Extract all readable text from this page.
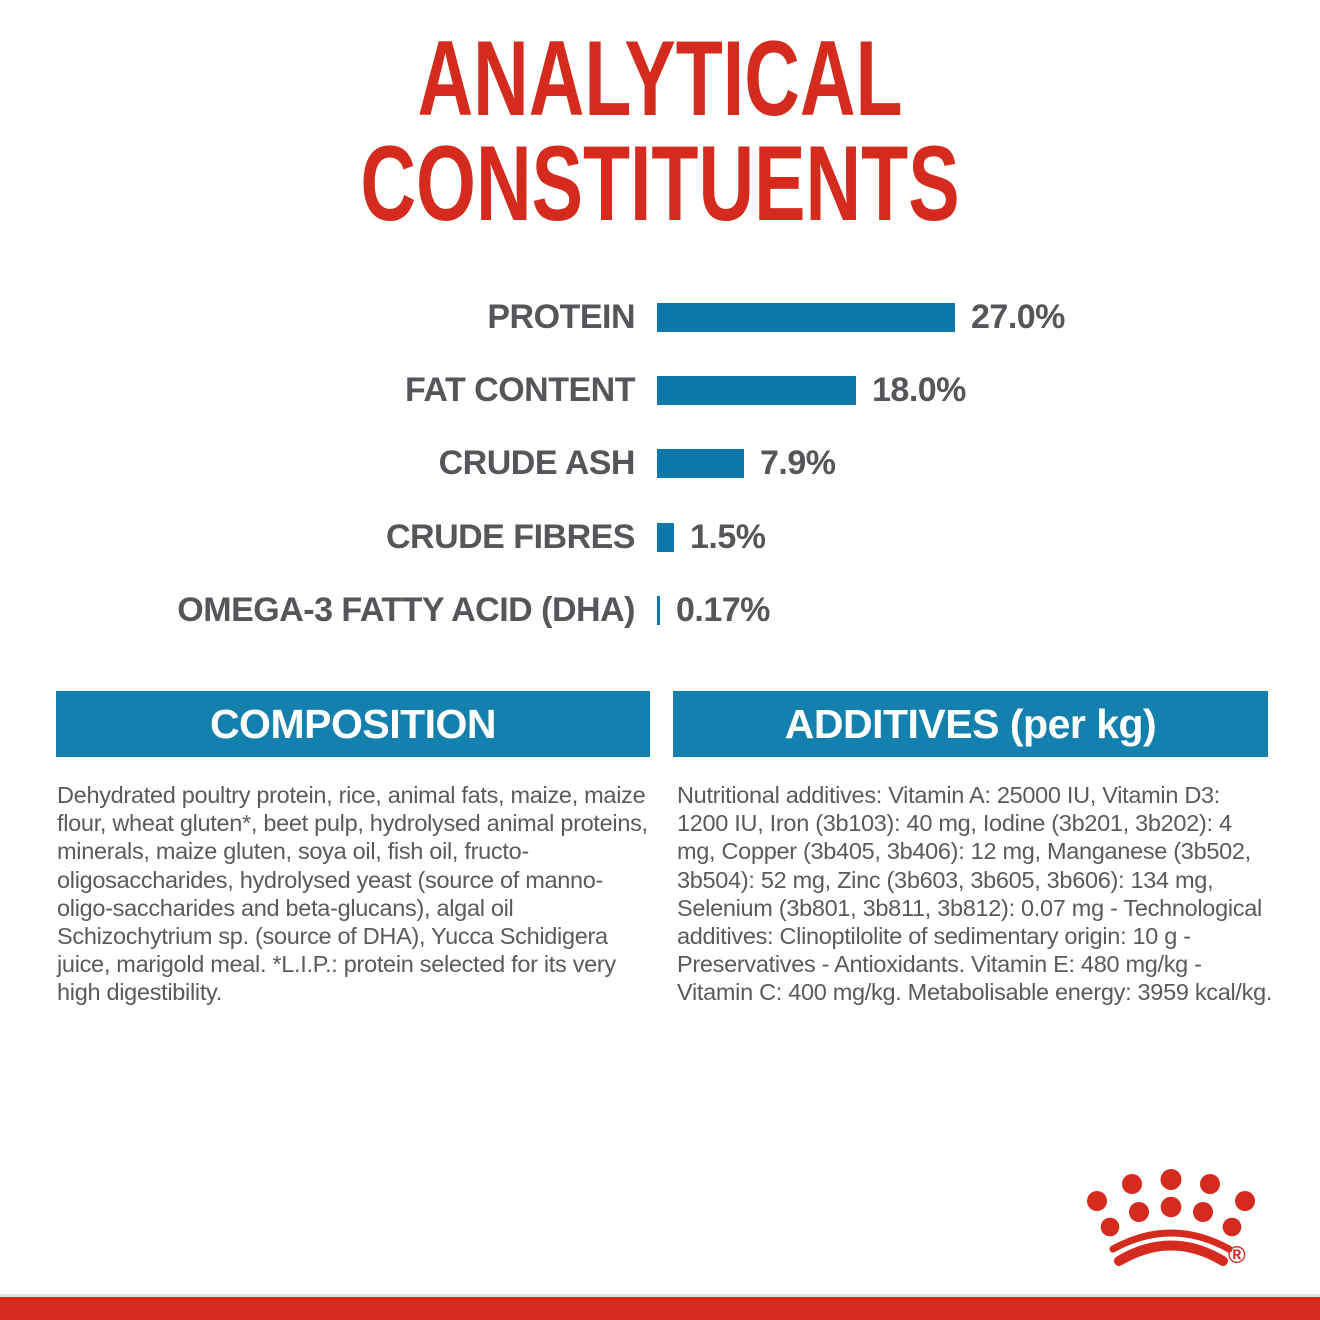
ANALYTICAL
CONSTITUENTS
PROTEIN	27.0%
FAT CONTENT	18.0%
CRUDE ASH	7.9%
CRUDE FIBRES 1.5%
OMEGA-3 FATTY ACID (DHA) 0.17%
COMPOSITION	ADDITIVES (per kg)
Dehydrated poultry protein, rice, animal fats, maize, maize flour, wheat gluten*, beet pulp, hydrolysed animal proteins, minerals, maize gluten, soya oil, fish oil, fructo-oligosaccharides, hydrolysed yeast (source of manno-oligo-saccharides and beta-glucans), algal oil Schizochytrium sp. (source of DHA), Yucca Schidigera juice, marigold meal. *L.I.P.: protein selected for its very high digestibility.
Nutritional additives: Vitamin A: 25000 IU, Vitamin D3: 1200 IU, Iron (3b103): 40 mg, Iodine (3b201, 3b202): 4 mg, Copper (3b405, 3b406): 12 mg, Manganese (3b502, 3b504): 52 mg, Zinc (3b603, 3b605, 3b606): 134 mg, Selenium (3b801, 3b811, 3b812): 0.07 mg - Technological additives: Clinoptilolite of sedimentary origin: 10 g - Preservatives - Antioxidants. Vitamin E: 480 mg/kg - Vitamin C: 400 mg/kg. Metabolisable energy: 3959 kcal/kg.
®
